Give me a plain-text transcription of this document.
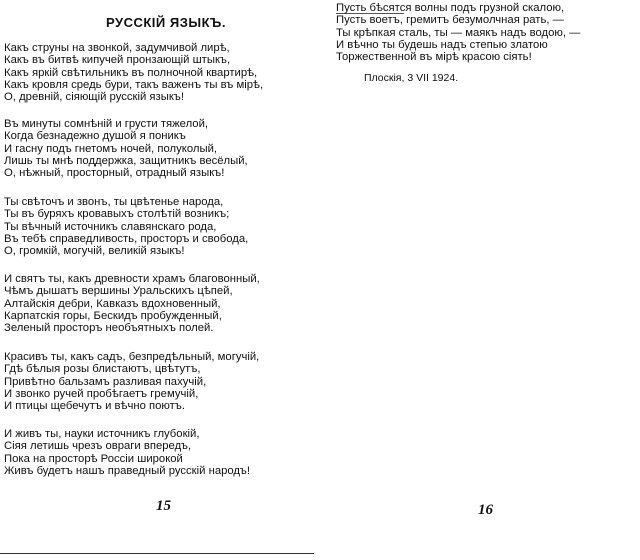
РУССКІЙ ЯЗЫКЪ.
Какъ струны на звонкой, задумчивой лирѣ,
Какъ въ битвѣ кипучей пронзающій штыкъ,
Какъ яркій свѣтильникъ въ полночной квартирѣ,
Какъ кровля средь бури, такъ важенъ ты въ мірѣ,
О, древній, сіяющій русскій языкъ!
Въ минуты сомнѣній и грусти тяжелой,
Когда безнадежно душой я поникъ
И гасну подъ гнетомъ ночей, полуколый,
Лишь ты мнѣ поддержка, защитникъ весёлый,
О, нѣжный, просторный, отрадный языкъ!
Ты свѣточъ и звонъ, ты цвѣтенье народа,
Ты въ буряхъ кровавыхъ столѣтій возникъ;
Ты вѣчный источникъ славянскаго рода,
Въ тебѣ справедливость, просторъ и свобода,
О, громкій, могучій, великій языкъ!
И святъ ты, какъ древности храмъ благовонный,
Чѣмъ дышатъ вершины Уральскихъ цѣпей,
Алтайскія дебри, Кавказъ вдохновенный,
Карпатскія горы, Бескидъ пробужденный,
Зеленый просторъ необъятныхъ полей.
Красивъ ты, какъ садъ, безпредѣльный, могучій,
Гдѣ бѣлыя розы блистаютъ, цвѣтутъ,
Привѣтно бальзамъ разливая пахучій,
И звонко ручей пробѣгаетъ гремучій,
И птицы щебечутъ и вѣчно поютъ.
И живъ ты, науки источникъ глубокій,
Сіяя летишь чрезъ овраги впередъ,
Пока на просторѣ Россіи широкой
Живъ будетъ нашъ праведный русскій народъ!
15
Пусть бѣсятся волны подъ грузной скалою,
Пусть воетъ, гремитъ безумолчная рать, —
Ты крѣпкая сталь, ты — маякъ надъ водою, —
И вѣчно ты будешь надъ степью златою
Торжественной въ мірѣ красою сіять!
Плоскія, 3 VII 1924.
16
